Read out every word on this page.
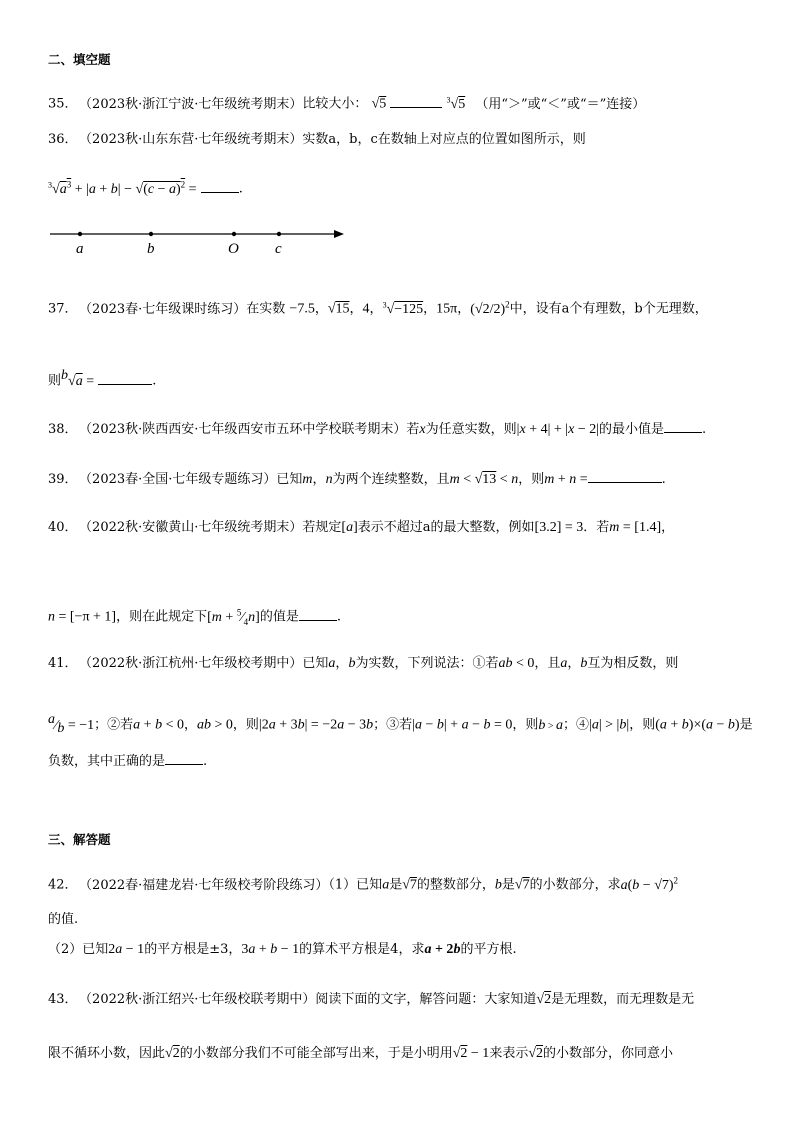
二、填空题
35． （2023秋·浙江宁波·七年级统考期末）比较大小： √5	$^3$√5 （用“＞”或“＜”或“＝”连接）
36． （2023秋·山东东营·七年级统考期末）实数a，b，c在数轴上对应点的位置如图所示，则
$^3√a^3 + |a + b| - √(c - a)^2$ =	.
a	b	O c
37． （2023春·七年级课时练习）在实数 −7.5，√15，4，$^3$√−125，15π，$(√2/2)^2$中，设有a个有理数，b个无理数，
则$^b$√a =	.
38． （2023秋·陕西西安·七年级西安市五环中学校联考期末）若x为任意实数，则|x + 4| + |x − 2|的最小值是	.
39． （2023春·全国·七年级专题练习）已知m，n为两个连续整数，且m < √13 < n，则m + n =	.
40． （2022秋·安徽黄山·七年级统考期末）若规定[a]表示不超过a的最大整数，例如[3.2] = 3．若m = [1.4]，
n = [−π + 1]，则在此规定下$[m + ^5⁄_4n]$的值是	.
41． （2022秋·浙江杭州·七年级校考期中）已知a，b为实数，下列说法：①若ab < 0，且a，b互为相反数，则
$^a⁄_b = -1$；②若a + b < 0，ab > 0，则|2a + 3b| = −2a − 3b；③若|a − b| + a − b = 0，则b > a；④|a| > |b|，则(a + b)×(a − b)是
负数，其中正确的是	.
三、解答题
42． （2022春·福建龙岩·七年级校考阶段练习）（1）已知a是√7的整数部分，b是√7的小数部分，求$a(b - √7)^2$
的值.
（2）已知2a − 1的平方根是±3，3a + b − 1的算术平方根是4，求a + 2b的平方根.
43． （2022秋·浙江绍兴·七年级校联考期中）阅读下面的文字，解答问题：大家知道√2是无理数，而无理数是无
限不循环小数，因此√2的小数部分我们不可能全部写出来，于是小明用√2 − 1来表示√2的小数部分，你同意小
